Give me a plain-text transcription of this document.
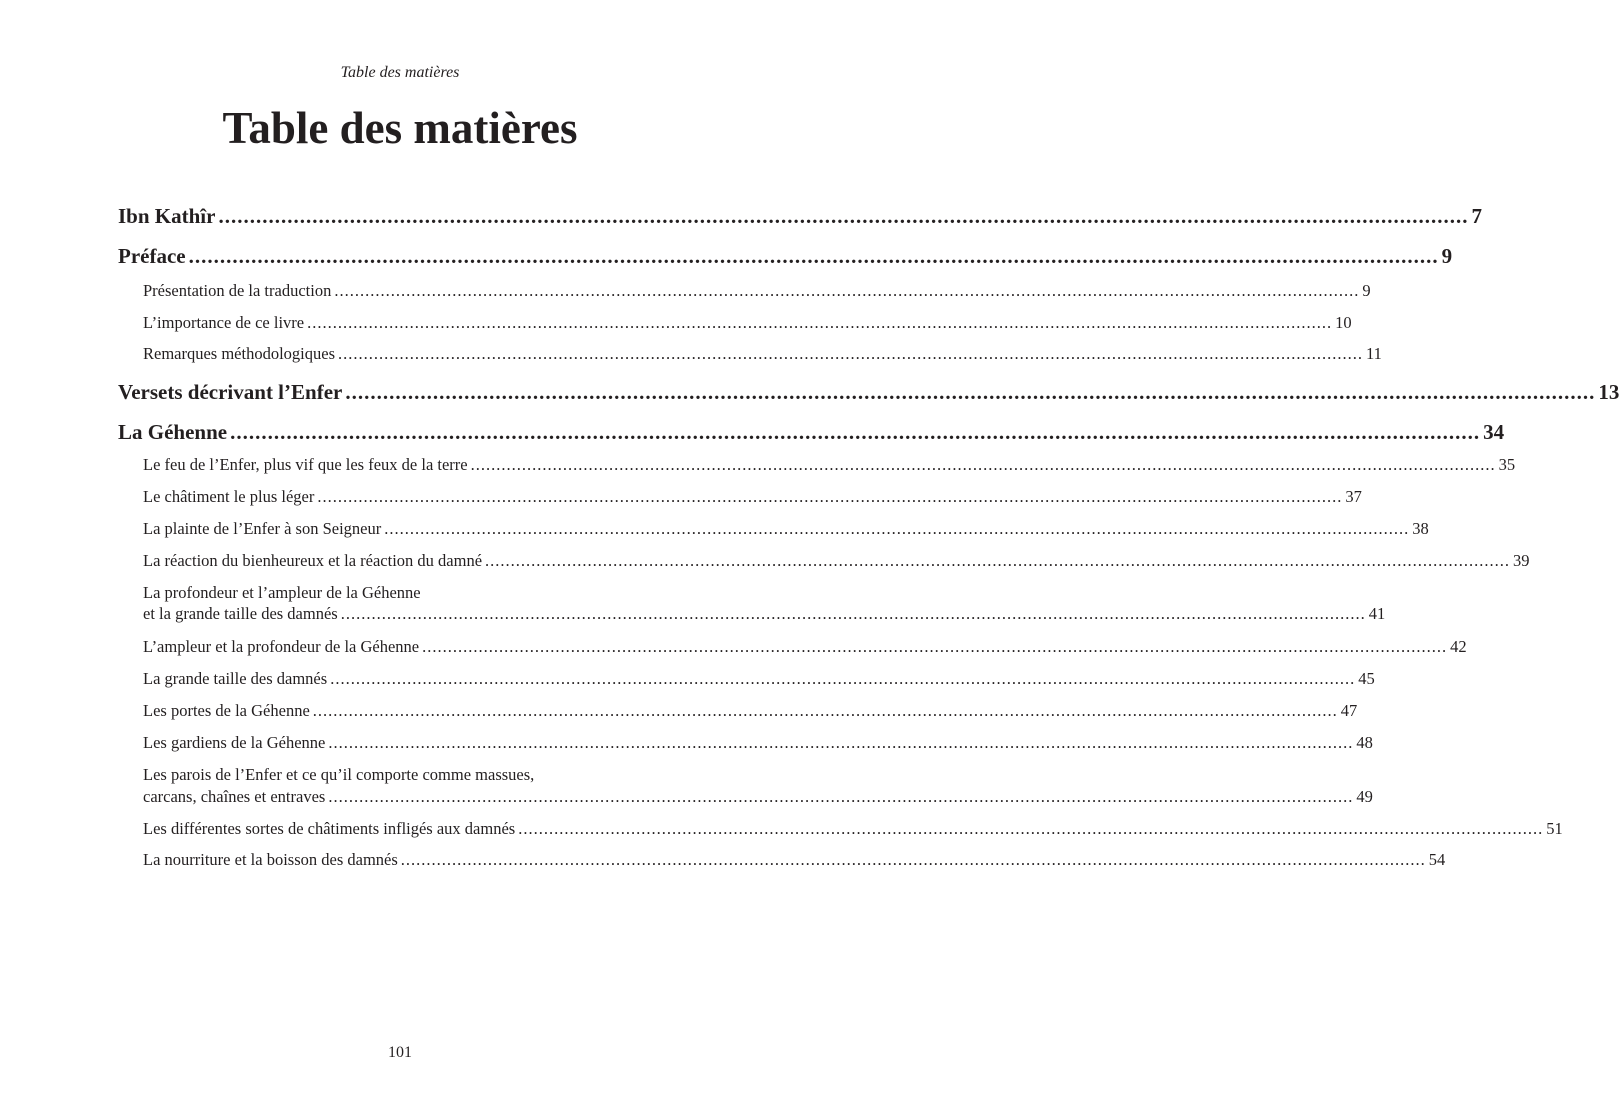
Table des matières
Table des matières
Ibn Kathîr ........................................................................................................................................................................................................ 7
Préface ........................................................................................................................................................................................................ 9
Présentation de la traduction ........................................................................................................................................................................................................ 9
L’importance de ce livre ........................................................................................................................................................................................................ 10
Remarques méthodologiques ........................................................................................................................................................................................................ 11
Versets décrivant l’Enfer ........................................................................................................................................................................................................ 13
La Géhenne ........................................................................................................................................................................................................ 34
Le feu de l’Enfer, plus vif que les feux de la terre ........................................................................................................................................................................................................ 35
Le châtiment le plus léger ........................................................................................................................................................................................................ 37
La plainte de l’Enfer à son Seigneur ........................................................................................................................................................................................................ 38
La réaction du bienheureux et la réaction du damné ........................................................................................................................................................................................................ 39
La profondeur et l’ampleur de la Géhenne
et la grande taille des damnés ........................................................................................................................................................................................................ 41
L’ampleur et la profondeur de la Géhenne ........................................................................................................................................................................................................ 42
La grande taille des damnés ........................................................................................................................................................................................................ 45
Les portes de la Géhenne ........................................................................................................................................................................................................ 47
Les gardiens de la Géhenne ........................................................................................................................................................................................................ 48
Les parois de l’Enfer et ce qu’il comporte comme massues,
carcans, chaînes et entraves ........................................................................................................................................................................................................ 49
Les différentes sortes de châtiments infligés aux damnés ........................................................................................................................................................................................................ 51
La nourriture et la boisson des damnés ........................................................................................................................................................................................................ 54
101
